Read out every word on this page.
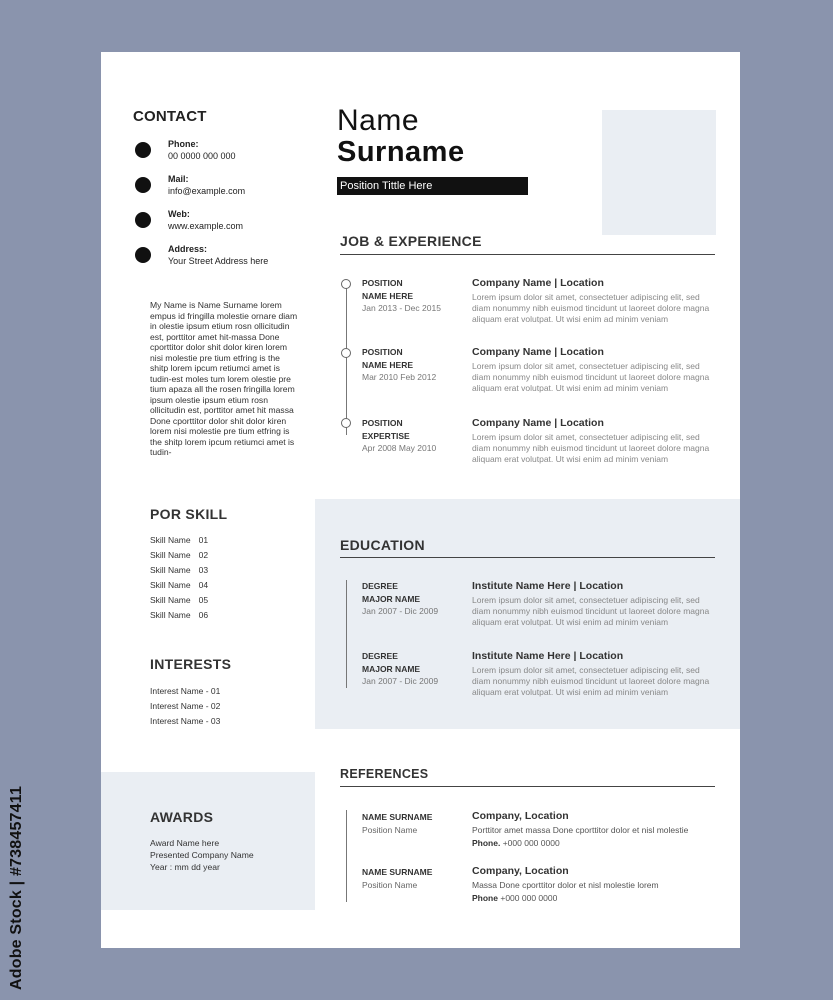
CONTACT
Phone:
00 0000 000 000
Mail:
info@example.com
Web:
www.example.com
Address:
Your Street Address here
My Name is Name Surname lorem empus id fringilla molestie ornare diam in olestie ipsum etium rosn ollicitudin est, porttitor amet hit-massa Done cporttitor dolor shit dolor kiren lorem nisi molestie pre tium etfring is the shitp lorem ipcum retiumci amet is tudin-est moles tum lorem olestie pre tium apaza all the rosen fringilla lorem ipsum olestie ipsum etium rosn ollicitudin est, porttitor amet hit massa Done cporttitor dolor shit dolor kiren lorem nisi molestie pre tium etfring is the shitp lorem ipcum retiumci amet is tudin-
Name
Surname
Position Tittle Here
JOB & EXPERIENCE
POSITION
NAME HERE
Jan 2013 - Dec 2015
Company Name | Location
Lorem ipsum dolor sit amet, consectetuer adipiscing elit, sed diam nonummy nibh euismod tincidunt ut laoreet dolore magna aliquam erat volutpat. Ut wisi enim ad minim veniam
POSITION
NAME HERE
Mar 2010 Feb 2012
Company Name | Location
Lorem ipsum dolor sit amet, consectetuer adipiscing elit, sed diam nonummy nibh euismod tincidunt ut laoreet dolore magna aliquam erat volutpat. Ut wisi enim ad minim veniam
POSITION
EXPERTISE
Apr 2008 May 2010
Company Name | Location
Lorem ipsum dolor sit amet, consectetuer adipiscing elit, sed diam nonummy nibh euismod tincidunt ut laoreet dolore magna aliquam erat volutpat. Ut wisi enim ad minim veniam
POR SKILL
Skill Name 01
Skill Name 02
Skill Name 03
Skill Name 04
Skill Name 05
Skill Name 06
INTERESTS
Interest Name - 01
Interest Name - 02
Interest Name - 03
EDUCATION
DEGREE
MAJOR NAME
Jan 2007 - Dic 2009
Institute Name Here | Location
Lorem ipsum dolor sit amet, consectetuer adipiscing elit, sed diam nonummy nibh euismod tincidunt ut laoreet dolore magna aliquam erat volutpat. Ut wisi enim ad minim veniam
DEGREE
MAJOR NAME
Jan 2007 - Dic 2009
Institute Name Here | Location
Lorem ipsum dolor sit amet, consectetuer adipiscing elit, sed diam nonummy nibh euismod tincidunt ut laoreet dolore magna aliquam erat volutpat. Ut wisi enim ad minim veniam
AWARDS
Award Name here
Presented Company Name
Year : mm dd year
REFERENCES
NAME SURNAME
Position Name
Company, Location
Porttitor amet massa Done cporttitor dolor et nisl molestie
Phone. +000 000 0000
NAME SURNAME
Position Name
Company, Location
Massa Done cporttitor dolor et nisl molestie lorem
Phone +000 000 0000
Adobe Stock | #738457411
